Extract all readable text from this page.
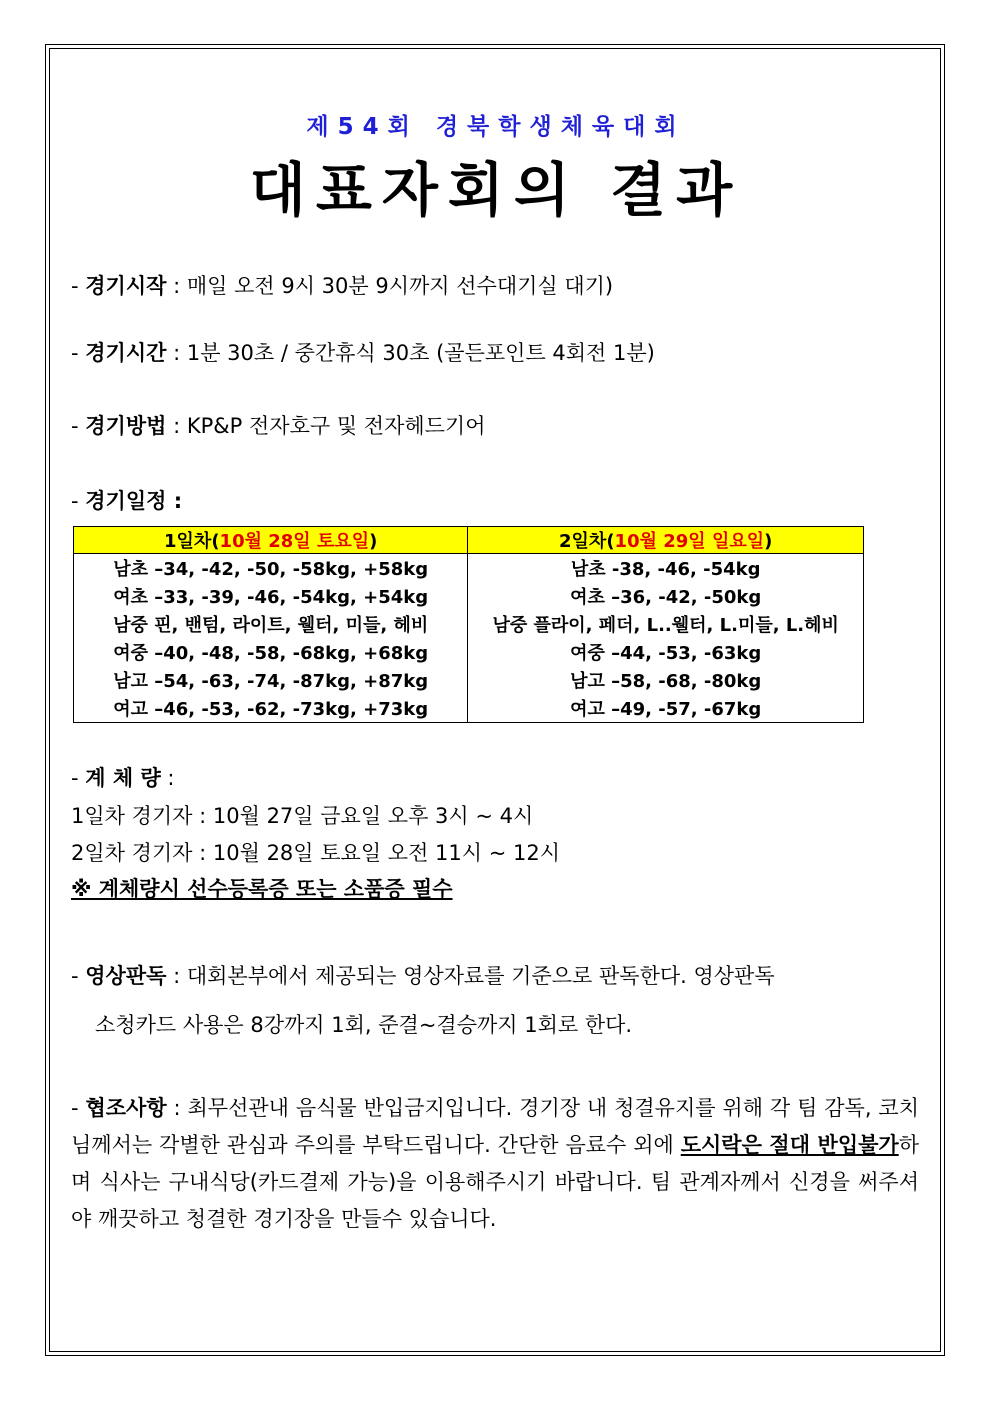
제54회 경북학생체육대회
대표자회의 결과
- 경기시작 : 매일 오전 9시 30분 9시까지 선수대기실 대기)
- 경기시간 : 1분 30초 / 중간휴식 30초 (골든포인트 4회전 1분)
- 경기방법 : KP&P 전자호구 및 전자헤드기어
- 경기일정 :
1일차(10월 28일 토요일)	2일차(10월 29일 일요일)
남초 –34, -42, -50, -58kg, +58kg	남초 -38, -46, -54kg
여초 –33, -39, -46, -54kg, +54kg	여초 –36, -42, -50kg
남중 핀, 밴텀, 라이트, 웰터, 미들, 헤비	남중 플라이, 페더, L..웰터, L.미들, L.헤비
여중 –40, -48, -58, -68kg, +68kg	여중 –44, -53, -63kg
남고 –54, -63, -74, -87kg, +87kg	남고 –58, -68, -80kg
여고 –46, -53, -62, -73kg, +73kg	여고 –49, -57, -67kg
- 계 체 량 :
1일차 경기자 : 10월 27일 금요일 오후 3시 ~ 4시
2일차 경기자 : 10월 28일 토요일 오전 11시 ~ 12시
※ 계체량시 선수등록증 또는 소품증 필수
- 영상판독 : 대회본부에서 제공되는 영상자료를 기준으로 판독한다. 영상판독
소청카드 사용은 8강까지 1회, 준결~결승까지 1회로 한다.
- 협조사항 : 최무선관내 음식물 반입금지입니다. 경기장 내 청결유지를 위해 각 팀 감독, 코치님께서는 각별한 관심과 주의를 부탁드립니다. 간단한 음료수 외에 도시락은 절대 반입불가하며 식사는 구내식당(카드결제 가능)을 이용해주시기 바랍니다. 팀 관계자께서 신경을 써주셔야 깨끗하고 청결한 경기장을 만들수 있습니다.
